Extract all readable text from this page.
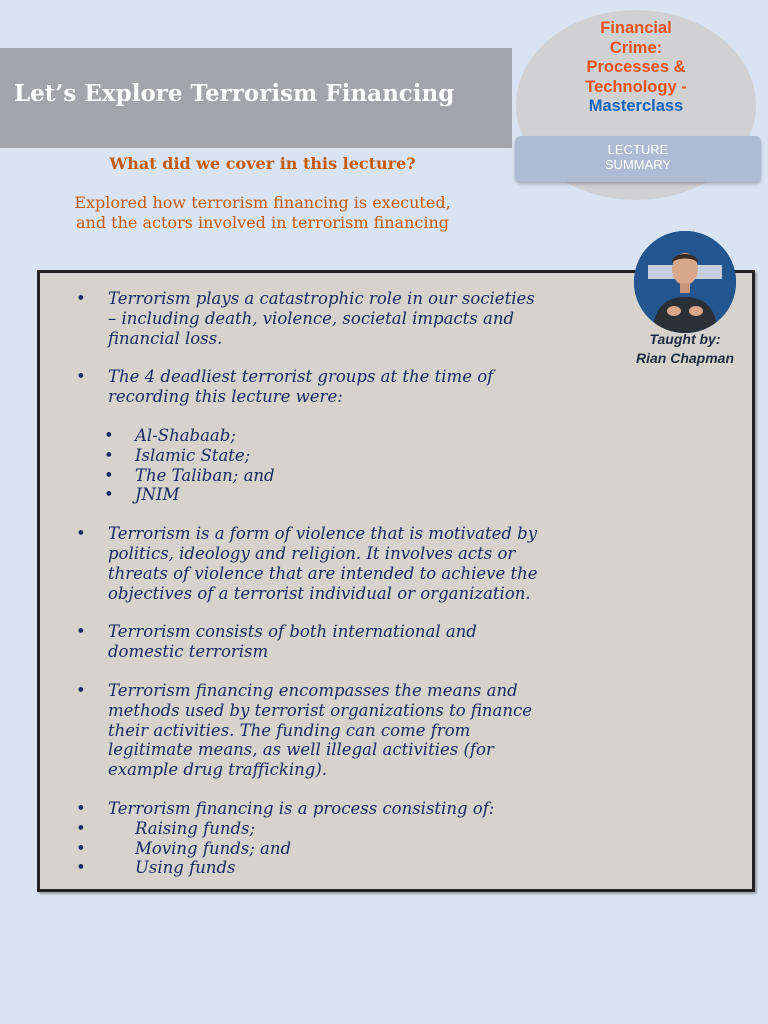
Let’s Explore Terrorism Financing
Financial
Crime:
Processes &
Technology -
Masterclass
LECTURE
SUMMARY
What did we cover in this lecture?
Explored how terrorism financing is executed,
and the actors involved in terrorism financing
Taught by:
Rian Chapman
• Terrorism plays a catastrophic role in our societies
– including death, violence, societal impacts and
financial loss.
• The 4 deadliest terrorist groups at the time of
recording this lecture were:
• Al-Shabaab;
• Islamic State;
• The Taliban; and
• JNIM
• Terrorism is a form of violence that is motivated by
politics, ideology and religion. It involves acts or
threats of violence that are intended to achieve the
objectives of a terrorist individual or organization.
• Terrorism consists of both international and
domestic terrorism
• Terrorism financing encompasses the means and
methods used by terrorist organizations to finance
their activities. The funding can come from
legitimate means, as well illegal activities (for
example drug trafficking).
• Terrorism financing is a process consisting of:
• Raising funds;
• Moving funds; and
• Using funds
